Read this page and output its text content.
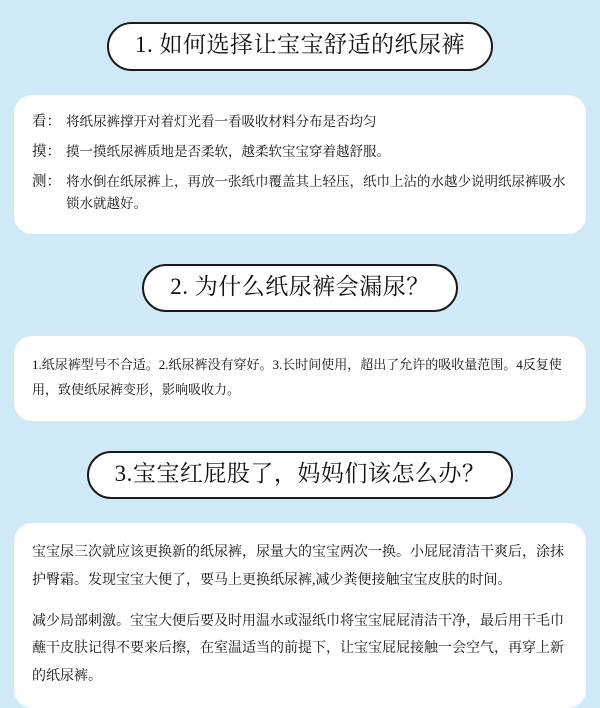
1. 如何选择让宝宝舒适的纸尿裤
看： 将纸尿裤撑开对着灯光看一看吸收材料分布是否均匀
摸： 摸一摸纸尿裤质地是否柔软，越柔软宝宝穿着越舒服。
测： 将水倒在纸尿裤上，再放一张纸巾覆盖其上轻压，纸巾上沾的水越少说明纸尿裤吸水锁水就越好。
2. 为什么纸尿裤会漏尿？

1.纸尿裤型号不合适。2.纸尿裤没有穿好。3.长时间使用，超出了允许的吸收量范围。4反复使用，致使纸尿裤变形，影响吸收力。

3.宝宝红屁股了，妈妈们该怎么办？

宝宝尿三次就应该更换新的纸尿裤，尿量大的宝宝两次一换。小屁屁清洁干爽后，涂抹护臀霜。发现宝宝大便了，要马上更换纸尿裤,减少粪便接触宝宝皮肤的时间。

减少局部刺激。宝宝大便后要及时用温水或湿纸巾将宝宝屁屁清洁干净，最后用干毛巾蘸干皮肤记得不要来后擦，在室温适当的前提下，让宝宝屁屁接触一会空气，再穿上新的纸尿裤。
